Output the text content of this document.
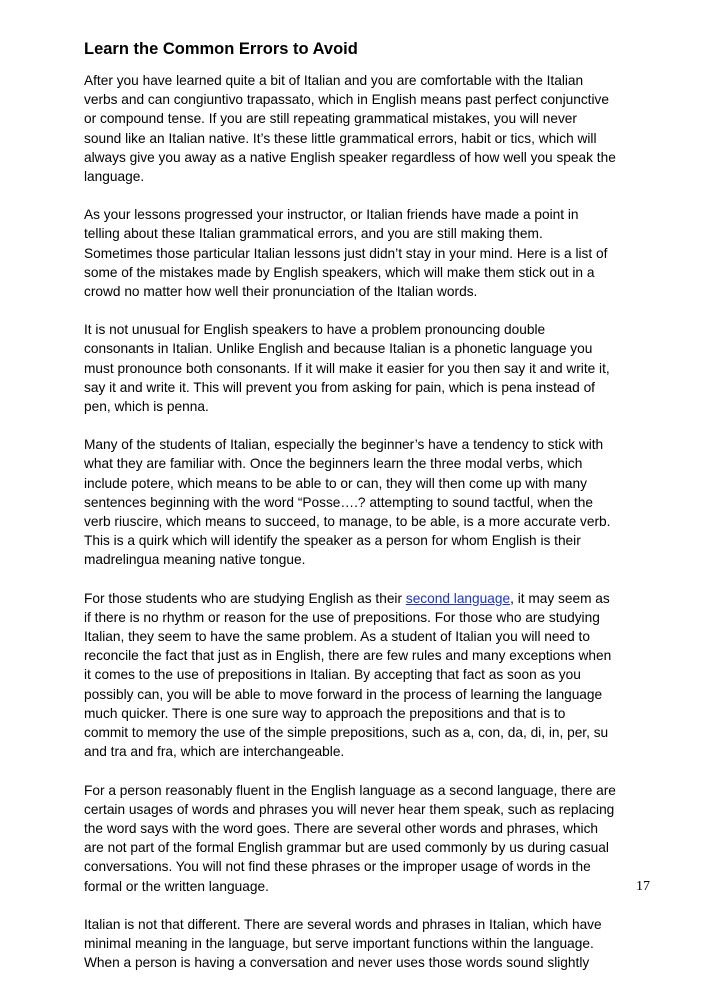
Learn the Common Errors to Avoid
After you have learned quite a bit of Italian and you are comfortable with the Italian
verbs and can congiuntivo trapassato, which in English means past perfect conjunctive
or compound tense. If you are still repeating grammatical mistakes, you will never
sound like an Italian native. It’s these little grammatical errors, habit or tics, which will
always give you away as a native English speaker regardless of how well you speak the
language.
As your lessons progressed your instructor, or Italian friends have made a point in
telling about these Italian grammatical errors, and you are still making them.
Sometimes those particular Italian lessons just didn’t stay in your mind. Here is a list of
some of the mistakes made by English speakers, which will make them stick out in a
crowd no matter how well their pronunciation of the Italian words.
It is not unusual for English speakers to have a problem pronouncing double
consonants in Italian. Unlike English and because Italian is a phonetic language you
must pronounce both consonants. If it will make it easier for you then say it and write it,
say it and write it. This will prevent you from asking for pain, which is pena instead of
pen, which is penna.
Many of the students of Italian, especially the beginner’s have a tendency to stick with
what they are familiar with. Once the beginners learn the three modal verbs, which
include potere, which means to be able to or can, they will then come up with many
sentences beginning with the word “Posse….? attempting to sound tactful, when the
verb riuscire, which means to succeed, to manage, to be able, is a more accurate verb.
This is a quirk which will identify the speaker as a person for whom English is their
madrelingua meaning native tongue.
For those students who are studying English as their second language, it may seem as
if there is no rhythm or reason for the use of prepositions. For those who are studying
Italian, they seem to have the same problem. As a student of Italian you will need to
reconcile the fact that just as in English, there are few rules and many exceptions when
it comes to the use of prepositions in Italian. By accepting that fact as soon as you
possibly can, you will be able to move forward in the process of learning the language
much quicker. There is one sure way to approach the prepositions and that is to
commit to memory the use of the simple prepositions, such as a, con, da, di, in, per, su
and tra and fra, which are interchangeable.
For a person reasonably fluent in the English language as a second language, there are
certain usages of words and phrases you will never hear them speak, such as replacing
the word says with the word goes. There are several other words and phrases, which
are not part of the formal English grammar but are used commonly by us during casual
conversations. You will not find these phrases or the improper usage of words in the
formal or the written language.
Italian is not that different. There are several words and phrases in Italian, which have
minimal meaning in the language, but serve important functions within the language.
When a person is having a conversation and never uses those words sound slightly
17
